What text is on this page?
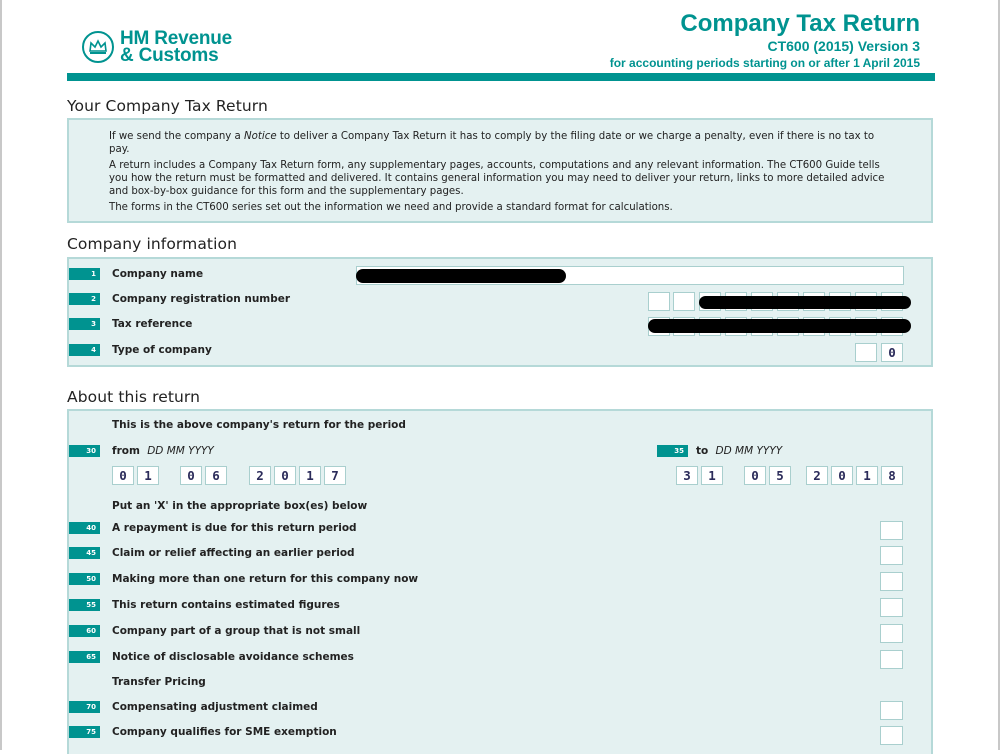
HM Revenue
& Customs
Company Tax Return
CT600 (2015) Version 3
for accounting periods starting on or after 1 April 2015
Your Company Tax Return

If we send the company a Notice to deliver a Company Tax Return it has to comply by the filing date or we charge a penalty, even if there is no tax to pay.

A return includes a Company Tax Return form, any supplementary pages, accounts, computations and any relevant information. The CT600 Guide tells you how the return must be formatted and delivered. It contains general information you may need to deliver your return, links to more detailed advice and box-by-box guidance for this form and the supplementary pages.

The forms in the CT600 series set out the information we need and provide a standard format for calculations.

Company information
1	Company name
2	Company registration number
3	Tax reference
4	Type of company	0
About this return
This is the above company's return for the period
30	from DD MM YYYY	35	to DD MM YYYY
0	1	0	6	2	0	1	7	3	1	0	5	2	0	1	8
Put an 'X' in the appropriate box(es) below
40	A repayment is due for this return period
45	Claim or relief affecting an earlier period
50	Making more than one return for this company now
55	This return contains estimated figures
60	Company part of a group that is not small
65	Notice of disclosable avoidance schemes
Transfer Pricing
70	Compensating adjustment claimed
75	Company qualifies for SME exemption
